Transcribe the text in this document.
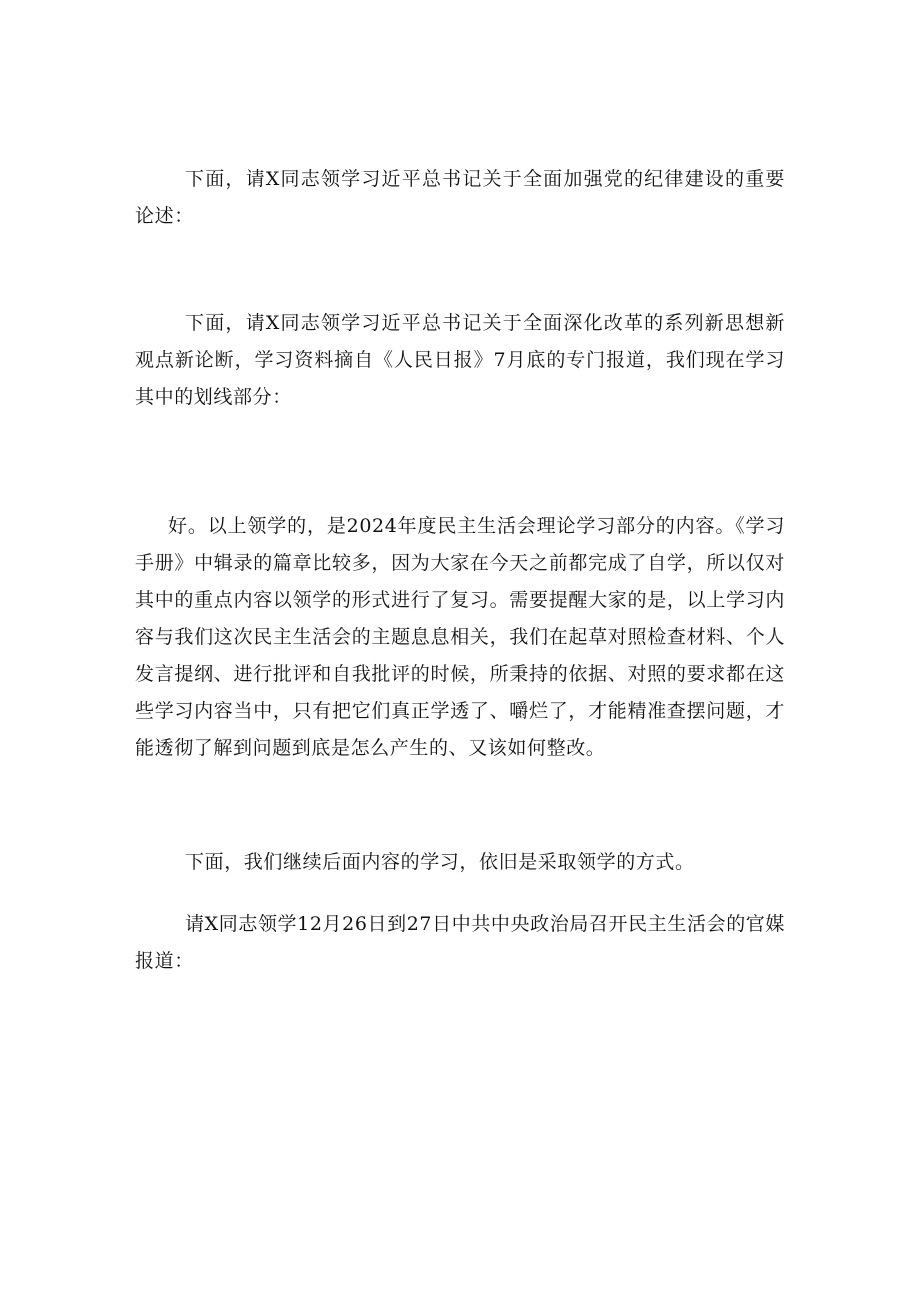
下面，请X同志领学习近平总书记关于全面加强党的纪律建设的重要论述：

下面，请X同志领学习近平总书记关于全面深化改革的系列新思想新观点新论断，学习资料摘自《人民日报》7月底的专门报道，我们现在学习其中的划线部分：

好。以上领学的，是2024年度民主生活会理论学习部分的内容。《学习手册》中辑录的篇章比较多，因为大家在今天之前都完成了自学，所以仅对其中的重点内容以领学的形式进行了复习。需要提醒大家的是，以上学习内容与我们这次民主生活会的主题息息相关，我们在起草对照检查材料、个人发言提纲、进行批评和自我批评的时候，所秉持的依据、对照的要求都在这些学习内容当中，只有把它们真正学透了、嚼烂了，才能精准查摆问题，才能透彻了解到问题到底是怎么产生的、又该如何整改。

下面，我们继续后面内容的学习，依旧是采取领学的方式。

请X同志领学12月26日到27日中共中央政治局召开民主生活会的官媒报道：
